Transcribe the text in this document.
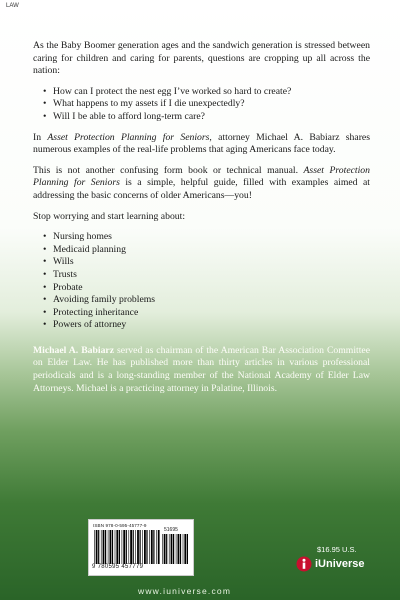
LAW

As the Baby Boomer generation ages and the sandwich generation is stressed between caring for children and caring for parents, questions are cropping up all across the nation:

• How can I protect the nest egg I’ve worked so hard to create?
• What happens to my assets if I die unexpectedly?
• Will I be able to afford long-term care?

In Asset Protection Planning for Seniors, attorney Michael A. Babiarz shares numerous examples of the real-life problems that aging Americans face today.

This is not another confusing form book or technical manual. Asset Protection Planning for Seniors is a simple, helpful guide, filled with examples aimed at addressing the basic concerns of older Americans—you!

Stop worrying and start learning about:

• Nursing homes
• Medicaid planning
• Wills
• Trusts
• Probate
• Avoiding family problems
• Protecting inheritance
• Powers of attorney

Michael A. Babiarz served as chairman of the American Bar Association Committee on Elder Law. He has published more than thirty articles in various professional periodicals and is a long-standing member of the National Academy of Elder Law Attorneys. Michael is a practicing attorney in Palatine, Illinois.

ISBN 978-0-595-45777-9
51695
9 780595 457779
$16.95 U.S.
iUniverse
www.iuniverse.com
